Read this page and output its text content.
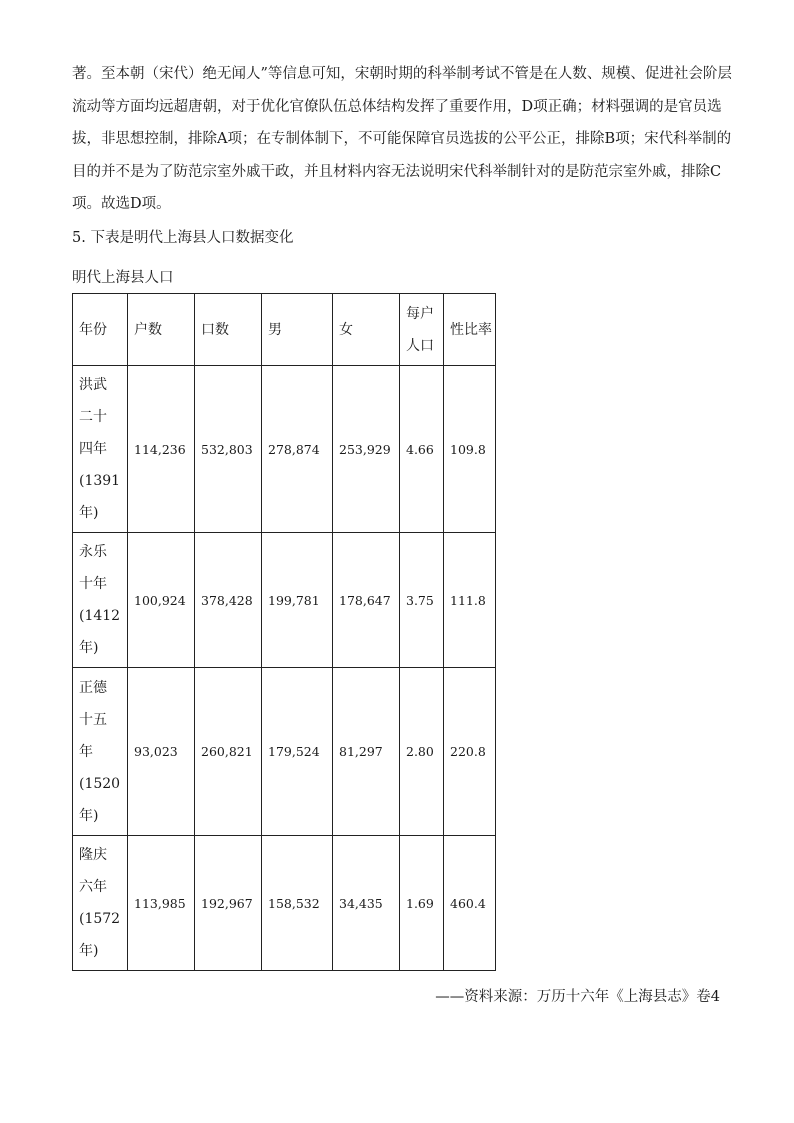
著。至本朝（宋代）绝无闻人”等信息可知，宋朝时期的科举制考试不管是在人数、规模、促进社会阶层
流动等方面均远超唐朝，对于优化官僚队伍总体结构发挥了重要作用，D项正确；材料强调的是官员选
拔，非思想控制，排除A项；在专制体制下，不可能保障官员选拔的公平公正，排除B项；宋代科举制的
目的并不是为了防范宗室外戚干政，并且材料内容无法说明宋代科举制针对的是防范宗室外戚，排除C
项。故选D项。

5. 下表是明代上海县人口数据变化

明代上海县人口

年份	户数	口数	男	女	每户人口	性比率

洪武
二十
四年
(1391
年)	114,236	532,803	278,874	253,929	4.66	109.8

永乐
十年
(1412
年)	100,924	378,428	199,781	178,647	3.75	111.8

正德
十五
年
(1520
年)	93,023	260,821	179,524	81,297	2.80	220.8

隆庆
六年
(1572
年)	113,985	192,967	158,532	34,435	1.69	460.4

——资料来源：万历十六年《上海县志》卷4
